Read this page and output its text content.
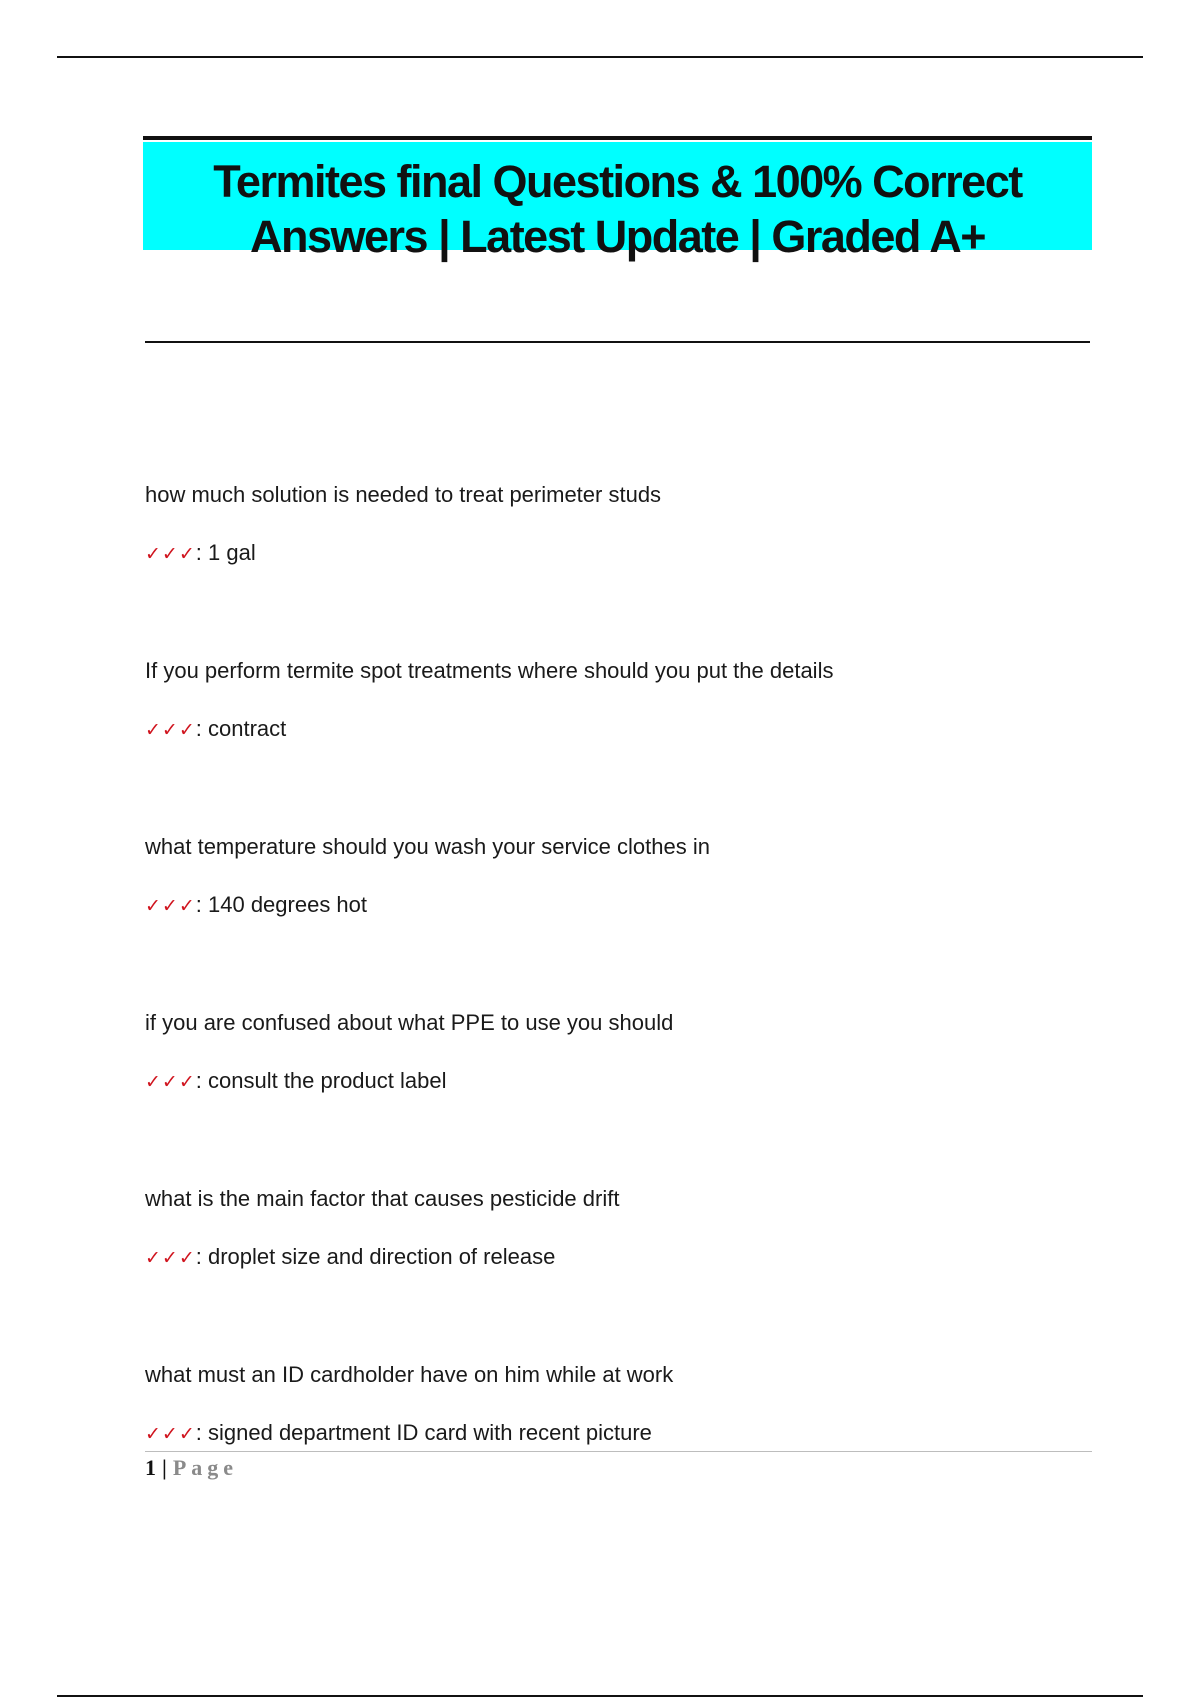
Termites final Questions & 100% Correct
Answers | Latest Update | Graded A+

how much solution is needed to treat perimeter studs

✓✓✓: 1 gal

If you perform termite spot treatments where should you put the details

✓✓✓: contract

what temperature should you wash your service clothes in

✓✓✓: 140 degrees hot

if you are confused about what PPE to use you should

✓✓✓: consult the product label

what is the main factor that causes pesticide drift

✓✓✓: droplet size and direction of release

what must an ID cardholder have on him while at work

✓✓✓: signed department ID card with recent picture
1 | Page
